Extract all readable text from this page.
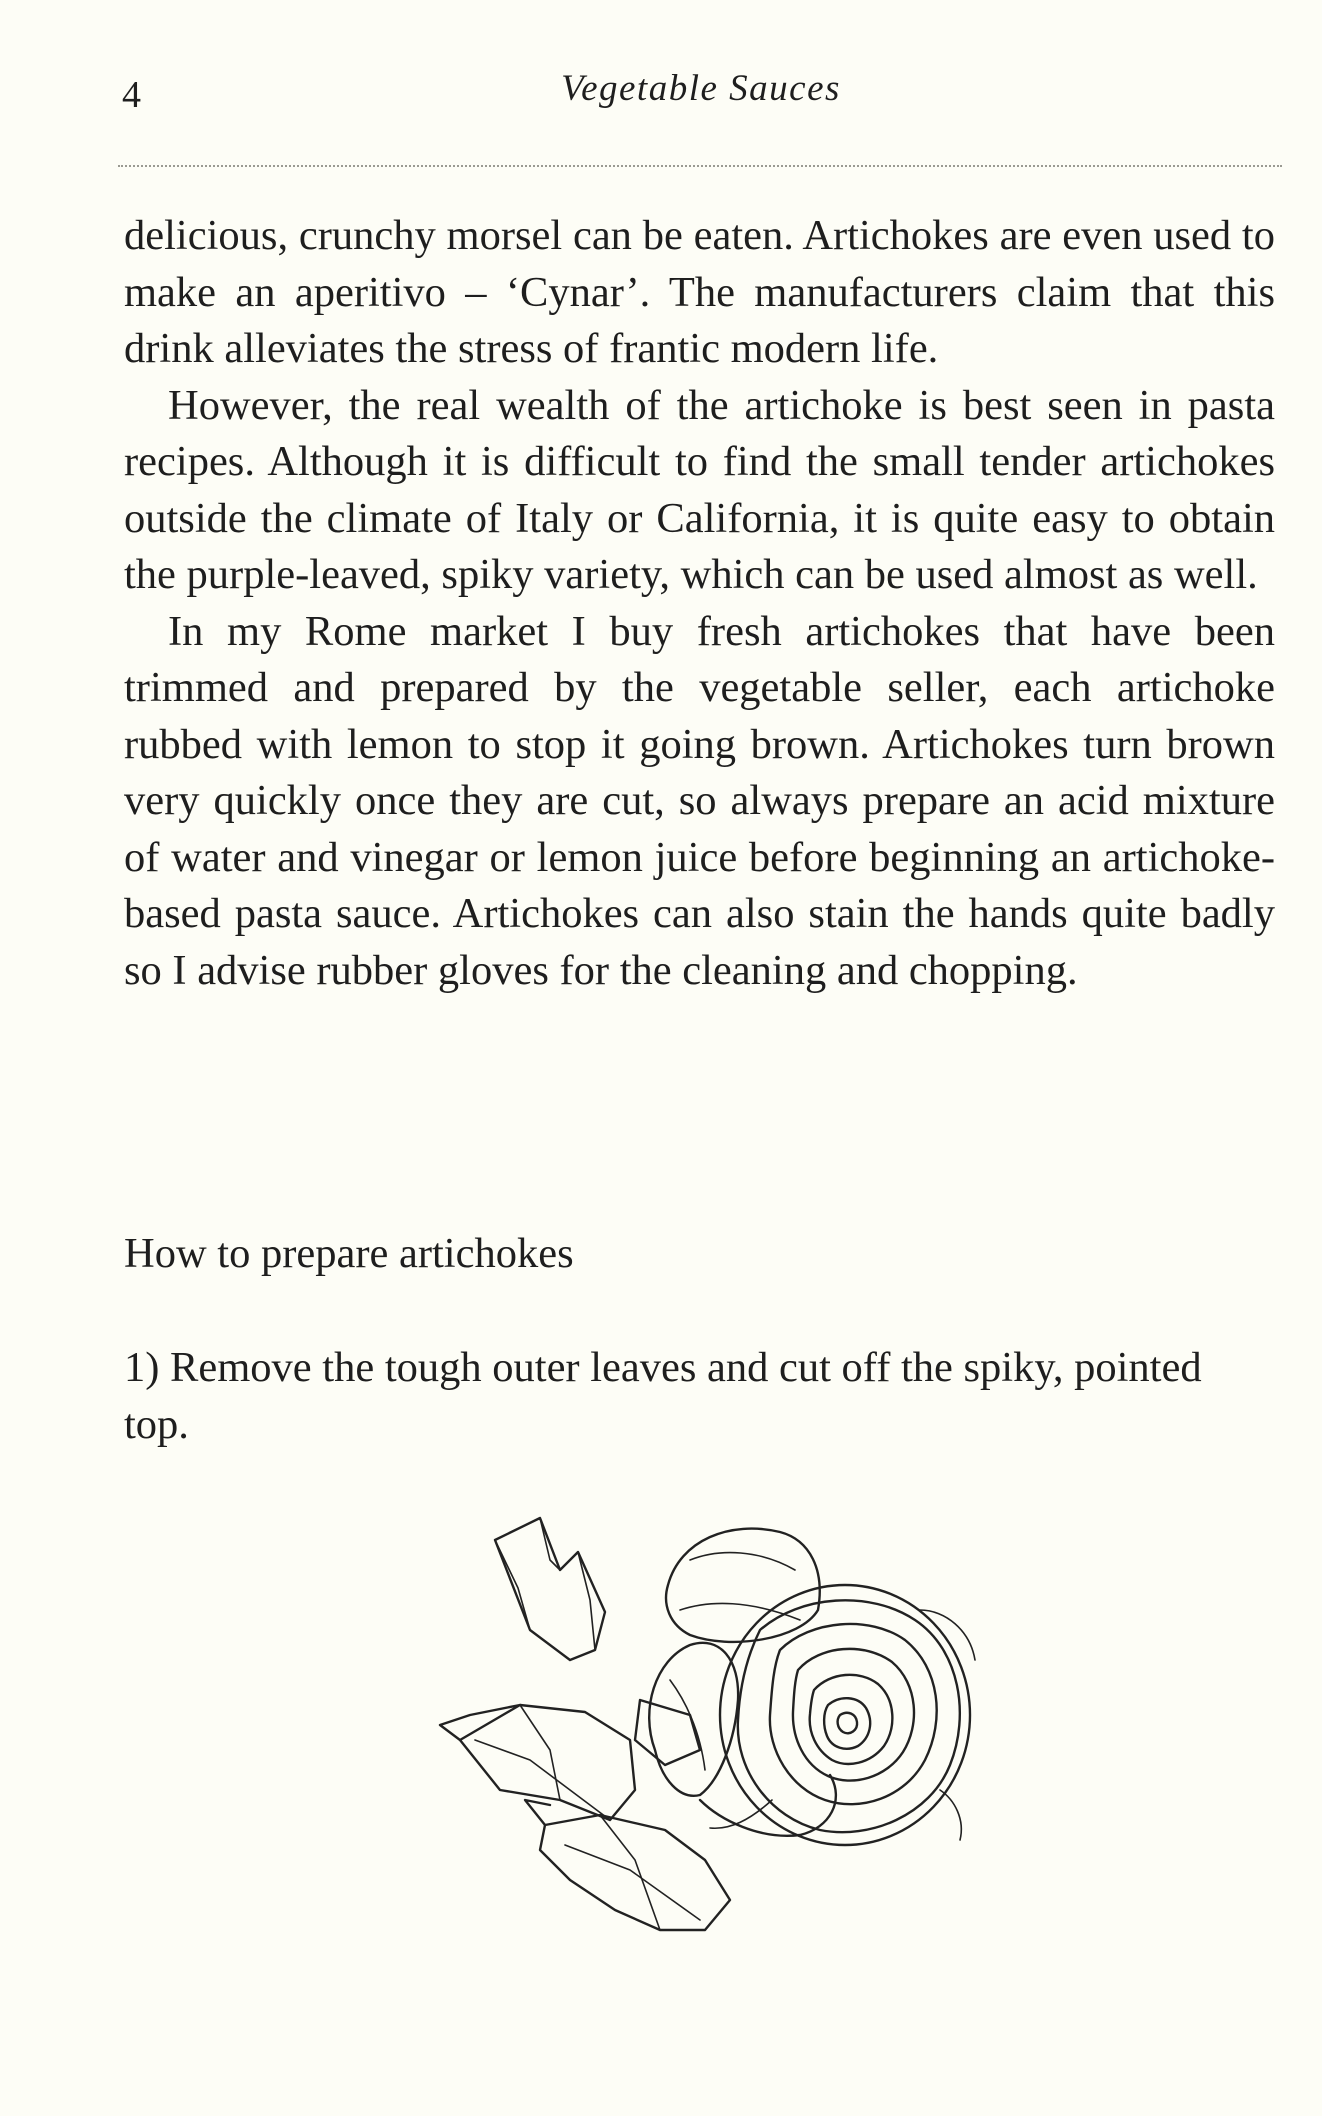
4	Vegetable Sauces

delicious, crunchy morsel can be eaten. Artichokes are even used to make an aperitivo – ‘Cynar’. The manufacturers claim that this drink alleviates the stress of frantic modern life.

However, the real wealth of the artichoke is best seen in pasta recipes. Although it is difficult to find the small tender artichokes outside the climate of Italy or California, it is quite easy to obtain the purple-leaved, spiky variety, which can be used almost as well.

In my Rome market I buy fresh artichokes that have been trimmed and prepared by the vegetable seller, each artichoke rubbed with lemon to stop it going brown. Artichokes turn brown very quickly once they are cut, so always prepare an acid mixture of water and vinegar or lemon juice before beginning an artichoke-based pasta sauce. Artichokes can also stain the hands quite badly so I advise rubber gloves for the cleaning and chopping.

How to prepare artichokes

1) Remove the tough outer leaves and cut off the spiky, pointed top.
